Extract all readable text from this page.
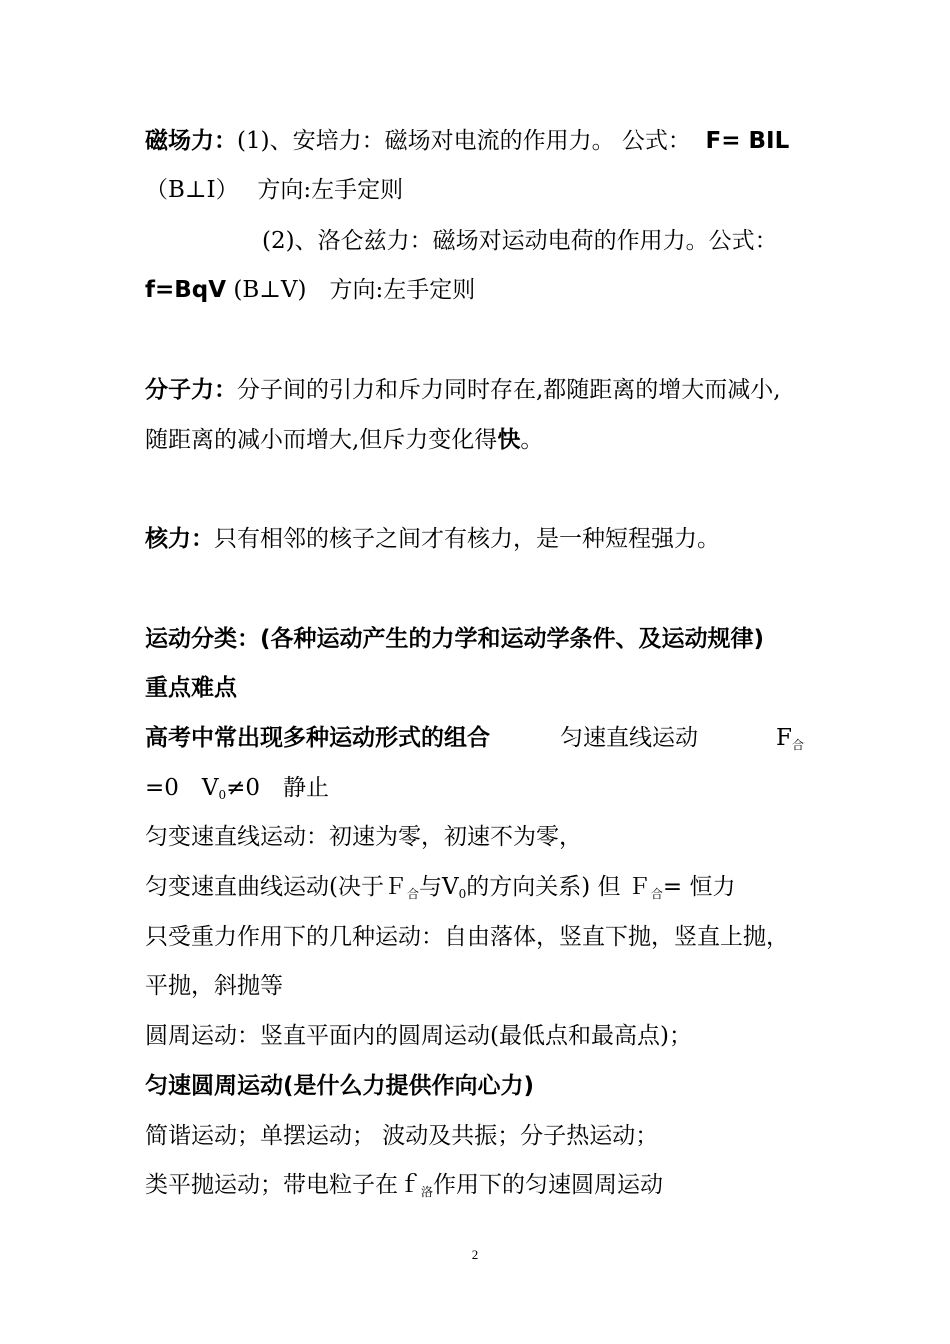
磁场力：(1)、安培力：磁场对电流的作用力。 公式： F= BIL
（B⊥I）　 方向:左手定则
(2)、洛仑兹力：磁场对运动电荷的作用力。公式：
f=BqV (B⊥V)　方向:左手定则
分子力：分子间的引力和斥力同时存在,都随距离的增大而减小,
随距离的减小而增大,但斥力变化得快。
核力：只有相邻的核子之间才有核力，是一种短程强力。
运动分类：(各种运动产生的力学和运动学条件、及运动规律)
重点难点
高考中常出现多种运动形式的组合	匀速直线运动	$F_合$
=0　$V_0\ne 0$　静止
匀变速直线运动：初速为零，初速不为零，
匀变速直曲线运动(决于Ｆ$_合$与$V_0$的方向关系) 但 Ｆ$_合$= 恒力
只受重力作用下的几种运动：自由落体，竖直下抛，竖直上抛，
平抛，斜抛等
圆周运动：竖直平面内的圆周运动(最低点和最高点)；
匀速圆周运动(是什么力提供作向心力)
简谐运动；单摆运动； 波动及共振；分子热运动；
类平抛运动；带电粒子在ｆ$_洛$作用下的匀速圆周运动
2
